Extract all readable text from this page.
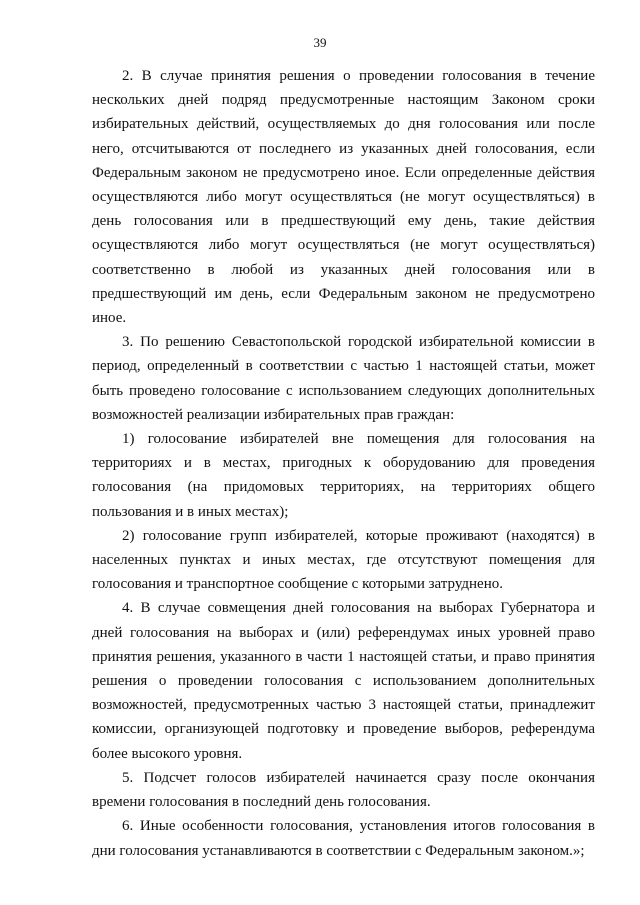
39

2. В случае принятия решения о проведении голосования в течение нескольких дней подряд предусмотренные настоящим Законом сроки избирательных действий, осуществляемых до дня голосования или после него, отсчитываются от последнего из указанных дней голосования, если Федеральным законом не предусмотрено иное. Если определенные действия осуществляются либо могут осуществляться (не могут осуществляться) в день голосования или в предшествующий ему день, такие действия осуществляются либо могут осуществляться (не могут осуществляться) соответственно в любой из указанных дней голосования или в предшествующий им день, если Федеральным законом не предусмотрено иное.

3. По решению Севастопольской городской избирательной комиссии в период, определенный в соответствии с частью 1 настоящей статьи, может быть проведено голосование с использованием следующих дополнительных возможностей реализации избирательных прав граждан:

1) голосование избирателей вне помещения для голосования на территориях и в местах, пригодных к оборудованию для проведения голосования (на придомовых территориях, на территориях общего пользования и в иных местах);

2) голосование групп избирателей, которые проживают (находятся) в населенных пунктах и иных местах, где отсутствуют помещения для голосования и транспортное сообщение с которыми затруднено.

4. В случае совмещения дней голосования на выборах Губернатора и дней голосования на выборах и (или) референдумах иных уровней право принятия решения, указанного в части 1 настоящей статьи, и право принятия решения о проведении голосования с использованием дополнительных возможностей, предусмотренных частью 3 настоящей статьи, принадлежит комиссии, организующей подготовку и проведение выборов, референдума более высокого уровня.

5. Подсчет голосов избирателей начинается сразу после окончания времени голосования в последний день голосования.

6. Иные особенности голосования, установления итогов голосования в дни голосования устанавливаются в соответствии с Федеральным законом.»;
